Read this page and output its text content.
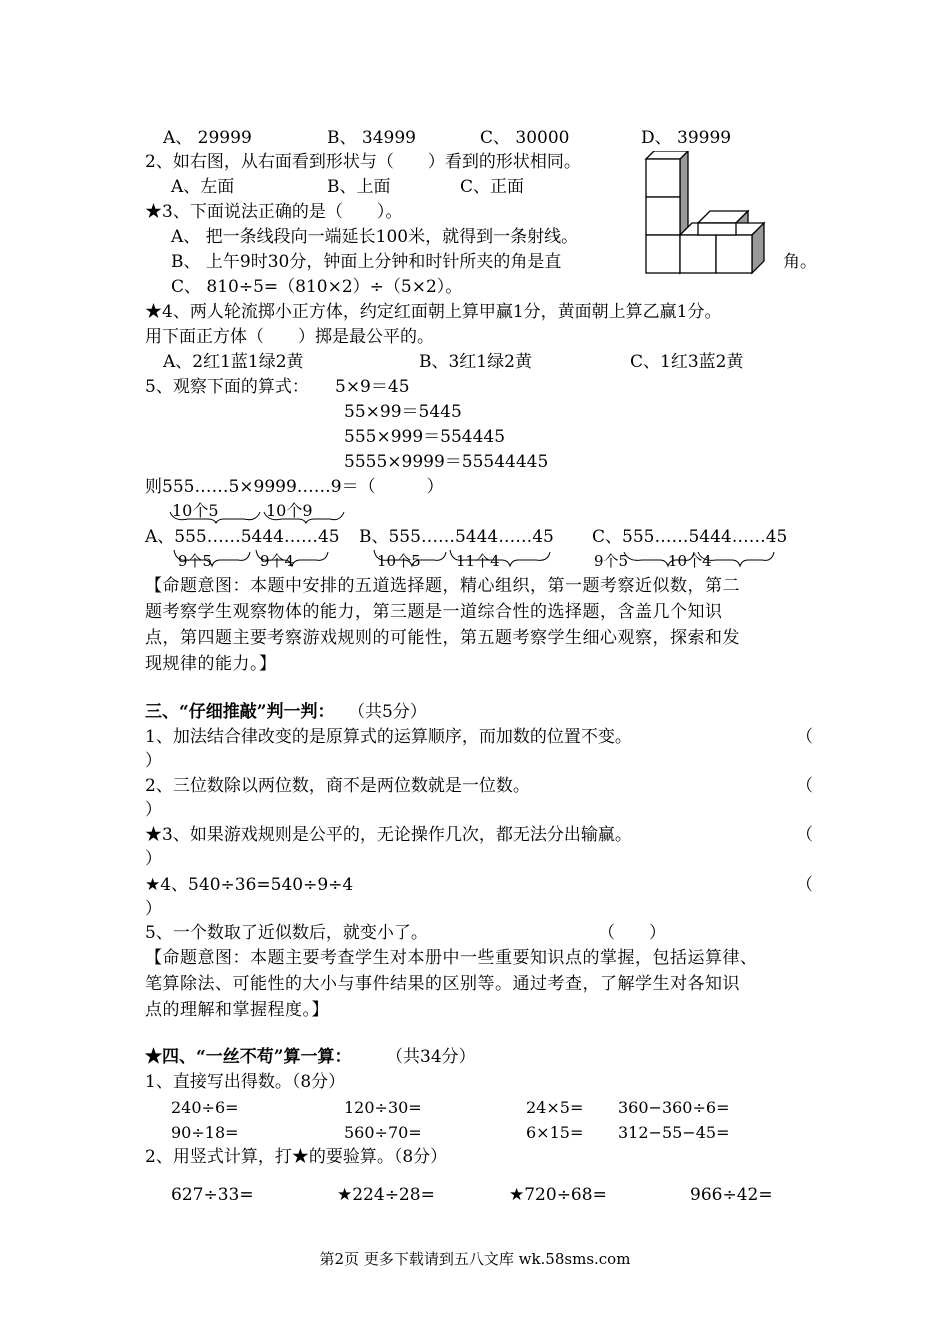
A、 29999	B、 34999	C、 30000	D、 39999
2、如右图，从右面看到形状与（　　）看到的形状相同。
A、左面	B、上面	C、正面
★3、下面说法正确的是（　　）。
A、 把一条线段向一端延长100米，就得到一条射线。
B、 上午9时30分，钟面上分钟和时针所夹的角是直	角。
C、 810÷5=（810×2）÷（5×2）。
★4、两人轮流掷小正方体，约定红面朝上算甲赢1分，黄面朝上算乙赢1分。
用下面正方体（　　）掷是最公平的。
A、2红1蓝1绿2黄	B、3红1绿2黄	C、1红3蓝2黄
5、观察下面的算式： 5×9＝45
55×99＝5445
555×999＝554445
5555×9999＝55544445
则555……5×9999……9＝（　　　）
10个5	10个9
A、555……5444……45 B、555……5444……45 C、555……5444……45
9个5	9个4	10个5 11个4	9个5	10个4
【命题意图：本题中安排的五道选择题，精心组织，第一题考察近似数，第二
题考察学生观察物体的能力，第三题是一道综合性的选择题，含盖几个知识
点，第四题主要考察游戏规则的可能性，第五题考察学生细心观察，探索和发
现规律的能力。】
三、“仔细推敲”判一判： （共5分）
1、加法结合律改变的是原算式的运算顺序，而加数的位置不变。	（
）
2、三位数除以两位数，商不是两位数就是一位数。	（
）
★3、如果游戏规则是公平的，无论操作几次，都无法分出输赢。	（
）
★4、540÷36=540÷9÷4	（
）
5、一个数取了近似数后，就变小了。	（　　）
【命题意图：本题主要考查学生对本册中一些重要知识点的掌握，包括运算律、
笔算除法、可能性的大小与事件结果的区别等。通过考查，了解学生对各知识
点的理解和掌握程度。】
★四、“一丝不苟”算一算： （共34分）
1、直接写出得数。（8分）
240÷6=	120÷30=	24×5= 360−360÷6=
90÷18=	560÷70=	6×15= 312−55−45=
2、用竖式计算，打★的要验算。（8分）
627÷33=	★224÷28=	★720÷68=	966÷42=
第2页 更多下载请到五八文库 wk.58sms.com
